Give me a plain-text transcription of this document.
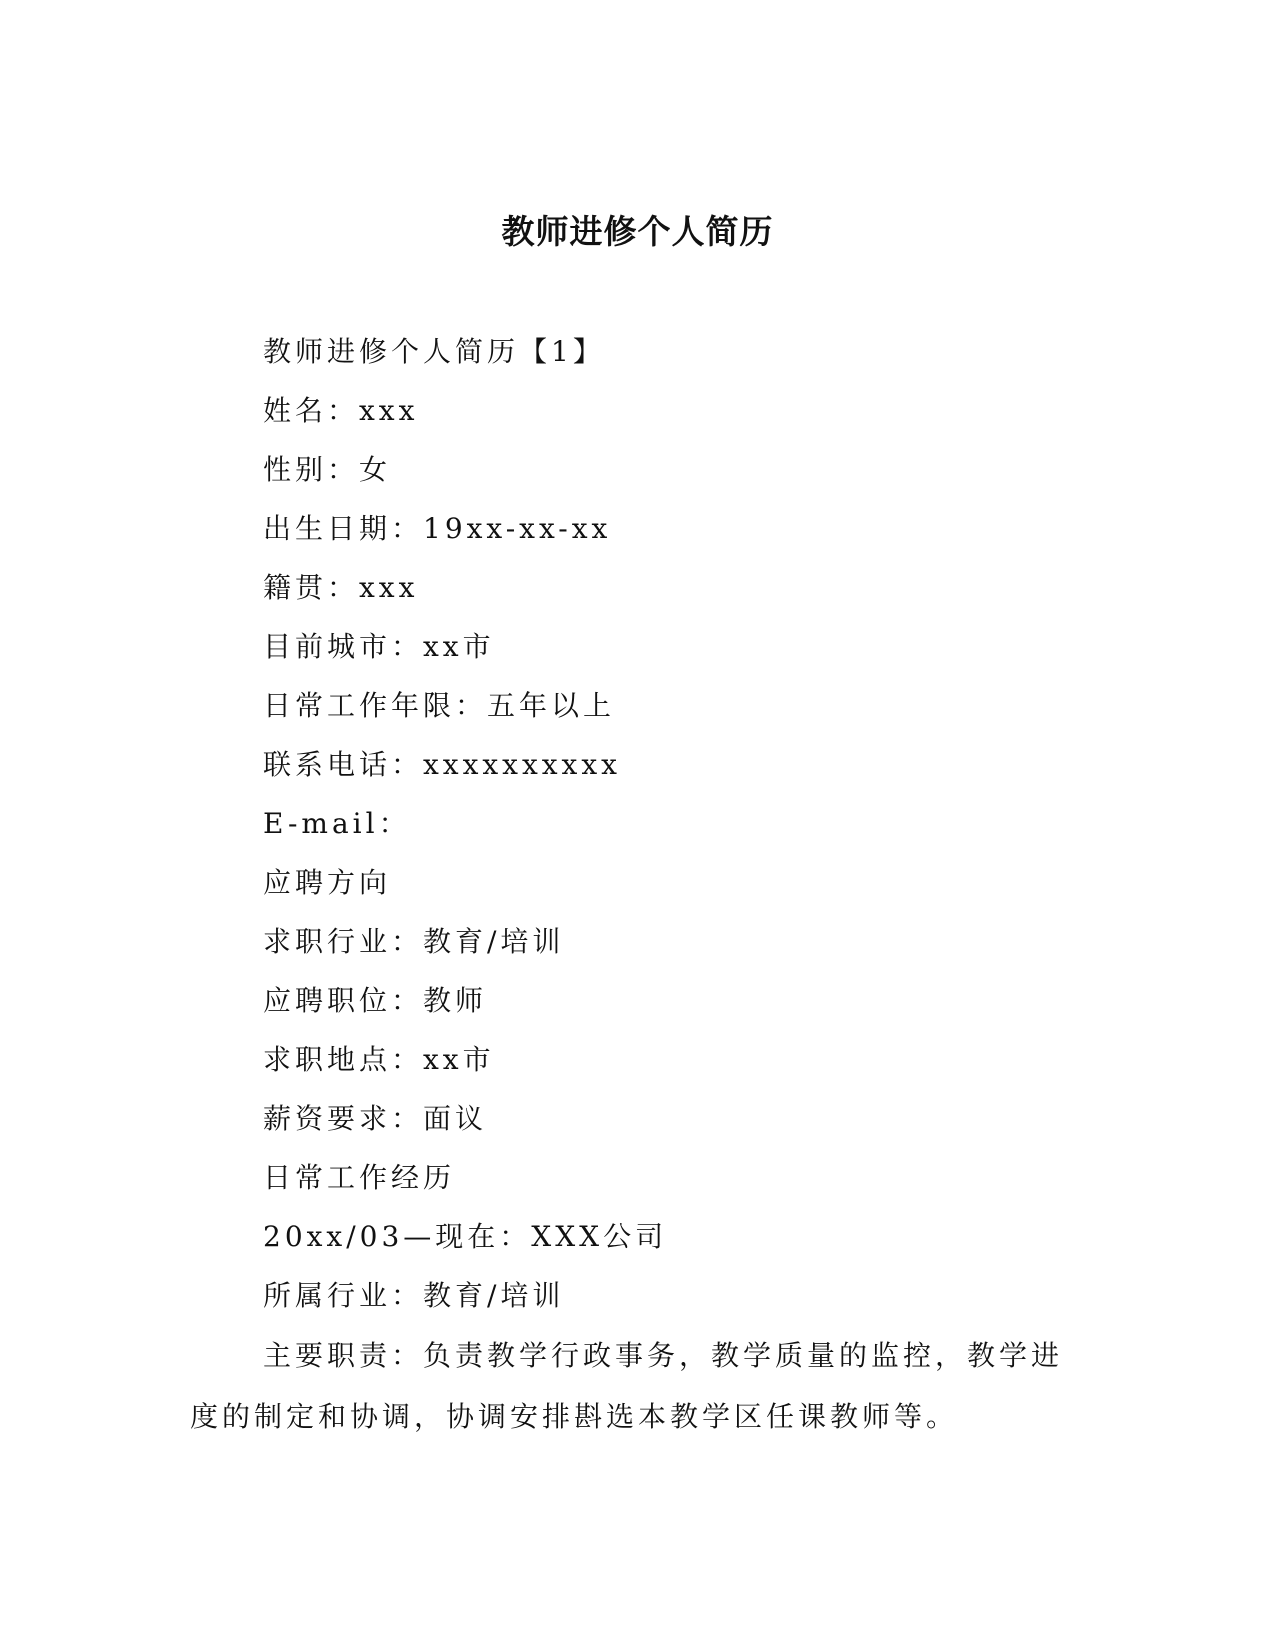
教师进修个人简历

教师进修个人简历【1】

姓名：xxx

性别：女

出生日期：19xx-xx-xx

籍贯：xxx

目前城市：xx市

日常工作年限：五年以上

联系电话：xxxxxxxxxx

E-mail：

应聘方向

求职行业：教育/培训

应聘职位：教师

求职地点：xx市

薪资要求：面议

日常工作经历

20xx/03—现在：XXX公司

所属行业：教育/培训

主要职责：负责教学行政事务，教学质量的监控，教学进度的制定和协调，协调安排斟选本教学区任课教师等。
